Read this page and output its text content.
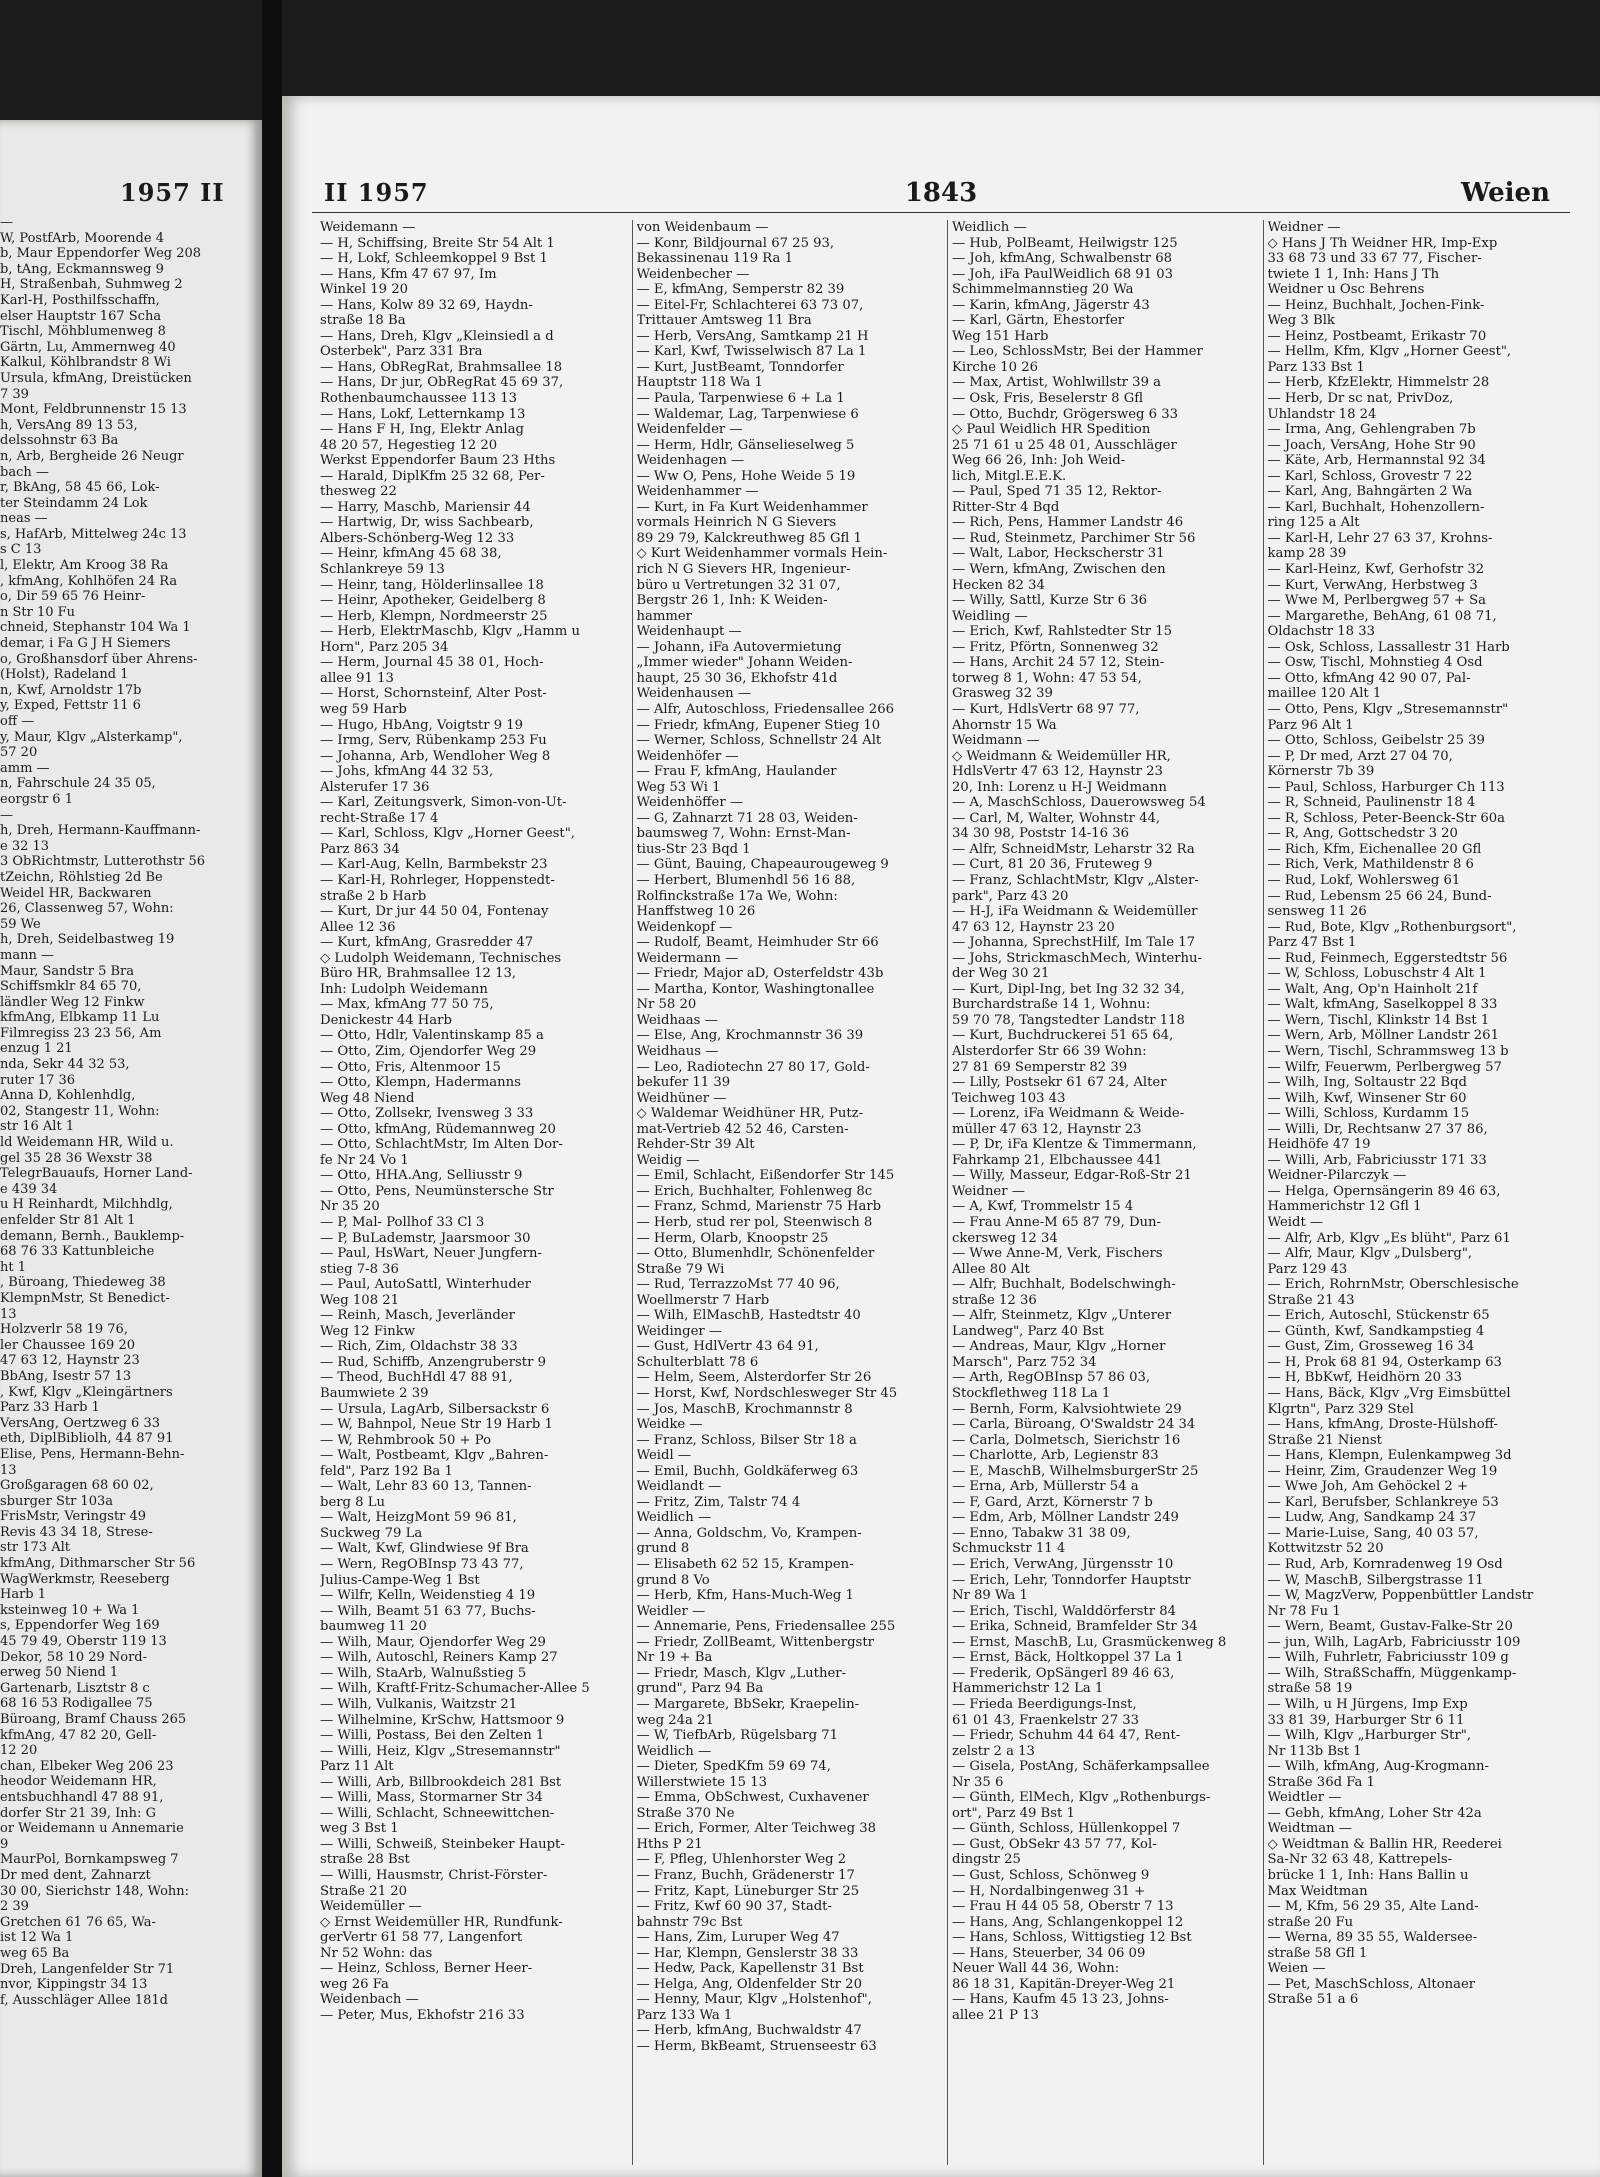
1957 II
—
W, PostfArb, Moorende 4
b, Maur Eppendorfer Weg 208
b, tAng, Eckmannsweg 9
H, Straßenbah, Suhmweg 2
Karl-H, Posthilfsschaffn,
elser Hauptstr 167 Scha
Tischl, Möhblumenweg 8
Gärtn, Lu, Ammernweg 40
Kalkul, Köhlbrandstr 8 Wi
Ursula, kfmAng, Dreistücken
7 39
Mont, Feldbrunnenstr 15 13
h, VersAng 89 13 53,
delssohnstr 63 Ba
n, Arb, Bergheide 26 Neugr
bach —
r, BkAng, 58 45 66, Lok-
ter Steindamm 24 Lok
neas —
s, HafArb, Mittelweg 24c 13
s C 13
l, Elektr, Am Kroog 38 Ra
, kfmAng, Kohlhöfen 24 Ra
o, Dir 59 65 76 Heinr-
n Str 10 Fu
chneid, Stephanstr 104 Wa 1
demar, i Fa G J H Siemers
o, Großhansdorf über Ahrens-
(Holst), Radeland 1
n, Kwf, Arnoldstr 17b
y, Exped, Fettstr 11 6
off —
y, Maur, Klgv „Alsterkamp",
57 20
amm —
n, Fahrschule 24 35 05,
eorgstr 6 1
—
h, Dreh, Hermann-Kauffmann-
e 32 13
3 ObRichtmstr, Lutterothstr 56
tZeichn, Röhlstieg 2d Be
Weidel HR, Backwaren
26, Classenweg 57, Wohn:
59 We
h, Dreh, Seidelbastweg 19
mann —
Maur, Sandstr 5 Bra
Schiffsmklr 84 65 70,
ländler Weg 12 Finkw
kfmAng, Elbkamp 11 Lu
Filmregiss 23 23 56, Am
enzug 1 21
nda, Sekr 44 32 53,
ruter 17 36
Anna D, Kohlenhdlg,
02, Stangestr 11, Wohn:
str 16 Alt 1
ld Weidemann HR, Wild u.
gel 35 28 36 Wexstr 38
TelegrBauaufs, Horner Land-
e 439 34
u H Reinhardt, Milchhdlg,
enfelder Str 81 Alt 1
demann, Bernh., Bauklemp-
68 76 33 Kattunbleiche
ht 1
, Büroang, Thiedeweg 38
KlempnMstr, St Benedict-
13
Holzverlr 58 19 76,
ler Chaussee 169 20
47 63 12, Haynstr 23
BbAng, Isestr 57 13
, Kwf, Klgv „Kleingärtners
Parz 33 Harb 1
VersAng, Oertzweg 6 33
eth, DiplBibliolh, 44 87 91
Elise, Pens, Hermann-Behn-
13
Großgaragen 68 60 02,
sburger Str 103a
FrisMstr, Veringstr 49
Revis 43 34 18, Strese-
str 173 Alt
kfmAng, Dithmarscher Str 56
WagWerkmstr, Reeseberg
Harb 1
ksteinweg 10 + Wa 1
s, Eppendorfer Weg 169
45 79 49, Oberstr 119 13
Dekor, 58 10 29 Nord-
erweg 50 Niend 1
Gartenarb, Lisztstr 8 c
68 16 53 Rodigallee 75
Büroang, Bramf Chauss 265
kfmAng, 47 82 20, Gell-
12 20
chan, Elbeker Weg 206 23
heodor Weidemann HR,
entsbuchhandl 47 88 91,
dorfer Str 21 39, Inh: G
or Weidemann u Annemarie
9
MaurPol, Bornkampsweg 7
Dr med dent, Zahnarzt
30 00, Sierichstr 148, Wohn:
2 39
Gretchen 61 76 65, Wa-
ist 12 Wa 1
weg 65 Ba
Dreh, Langenfelder Str 71
nvor, Kippingstr 34 13
f, Ausschläger Allee 181d
II 1957	1843	Weien
Weidemann —
— H, Schiffsing, Breite Str 54 Alt 1
— H, Lokf, Schleemkoppel 9 Bst 1
— Hans, Kfm 47 67 97, Im
Winkel 19 20
— Hans, Kolw 89 32 69, Haydn-
straße 18 Ba
— Hans, Dreh, Klgv „Kleinsiedl a d
Osterbek", Parz 331 Bra
— Hans, ObRegRat, Brahmsallee 18
— Hans, Dr jur, ObRegRat 45 69 37,
Rothenbaumchaussee 113 13
— Hans, Lokf, Letternkamp 13
— Hans F H, Ing, Elektr Anlag
48 20 57, Hegestieg 12 20
Werkst Eppendorfer Baum 23 Hths
— Harald, DiplKfm 25 32 68, Per-
thesweg 22
— Harry, Maschb, Mariensir 44
— Hartwig, Dr, wiss Sachbearb,
Albers-Schönberg-Weg 12 33
— Heinr, kfmAng 45 68 38,
Schlankreye 59 13
— Heinr, tang, Hölderlinsallee 18
— Heinr, Apotheker, Geidelberg 8
— Herb, Klempn, Nordmeerstr 25
— Herb, ElektrMaschb, Klgv „Hamm u
Horn", Parz 205 34
— Herm, Journal 45 38 01, Hoch-
allee 91 13
— Horst, Schornsteinf, Alter Post-
weg 59 Harb
— Hugo, HbAng, Voigtstr 9 19
— Irmg, Serv, Rübenkamp 253 Fu
— Johanna, Arb, Wendloher Weg 8
— Johs, kfmAng 44 32 53,
Alsterufer 17 36
— Karl, Zeitungsverk, Simon-von-Ut-
recht-Straße 17 4
— Karl, Schloss, Klgv „Horner Geest",
Parz 863 34
— Karl-Aug, Kelln, Barmbekstr 23
— Karl-H, Rohrleger, Hoppenstedt-
straße 2 b Harb
— Kurt, Dr jur 44 50 04, Fontenay
Allee 12 36
— Kurt, kfmAng, Grasredder 47
◇ Ludolph Weidemann, Technisches
Büro HR, Brahmsallee 12 13,
Inh: Ludolph Weidemann
— Max, kfmAng 77 50 75,
Denickestr 44 Harb
— Otto, Hdlr, Valentinskamp 85 a
— Otto, Zim, Ojendorfer Weg 29
— Otto, Fris, Altenmoor 15
— Otto, Klempn, Hadermanns
Weg 48 Niend
— Otto, Zollsekr, Ivensweg 3 33
— Otto, kfmAng, Rüdemannweg 20
— Otto, SchlachtMstr, Im Alten Dor-
fe Nr 24 Vo 1
— Otto, HHA.Ang, Selliusstr 9
— Otto, Pens, Neumünstersche Str
Nr 35 20
— P, Mal- Pollhof 33 Cl 3
— P, BuLademstr, Jaarsmoor 30
— Paul, HsWart, Neuer Jungfern-
stieg 7-8 36
— Paul, AutoSattl, Winterhuder
Weg 108 21
— Reinh, Masch, Jeverländer
Weg 12 Finkw
— Rich, Zim, Oldachstr 38 33
— Rud, Schiffb, Anzengruberstr 9
— Theod, BuchHdl 47 88 91,
Baumwiete 2 39
— Ursula, LagArb, Silbersackstr 6
— W, Bahnpol, Neue Str 19 Harb 1
— W, Rehmbrook 50 + Po
— Walt, Postbeamt, Klgv „Bahren-
feld", Parz 192 Ba 1
— Walt, Lehr 83 60 13, Tannen-
berg 8 Lu
— Walt, HeizgMont 59 96 81,
Suckweg 79 La
— Walt, Kwf, Glindwiese 9f Bra
— Wern, RegOBInsp 73 43 77,
Julius-Campe-Weg 1 Bst
— Wilfr, Kelln, Weidenstieg 4 19
— Wilh, Beamt 51 63 77, Buchs-
baumweg 11 20
— Wilh, Maur, Ojendorfer Weg 29
— Wilh, Autoschl, Reiners Kamp 27
— Wilh, StaArb, Walnußstieg 5
— Wilh, Kraftf-Fritz-Schumacher-Allee 5
— Wilh, Vulkanis, Waitzstr 21
— Wilhelmine, KrSchw, Hattsmoor 9
— Willi, Postass, Bei den Zelten 1
— Willi, Heiz, Klgv „Stresemannstr"
Parz 11 Alt
— Willi, Arb, Billbrookdeich 281 Bst
— Willi, Mass, Stormarner Str 34
— Willi, Schlacht, Schneewittchen-
weg 3 Bst 1
— Willi, Schweiß, Steinbeker Haupt-
straße 28 Bst
— Willi, Hausmstr, Christ-Förster-
Straße 21 20
Weidemüller —
◇ Ernst Weidemüller HR, Rundfunk-
gerVertr 61 58 77, Langenfort
Nr 52 Wohn: das
— Heinz, Schloss, Berner Heer-
weg 26 Fa
Weidenbach —
— Peter, Mus, Ekhofstr 216 33
von Weidenbaum —
— Konr, Bildjournal 67 25 93,
Bekassinenau 119 Ra 1
Weidenbecher —
— E, kfmAng, Semperstr 82 39
— Eitel-Fr, Schlachterei 63 73 07,
Trittauer Amtsweg 11 Bra
— Herb, VersAng, Samtkamp 21 H
— Karl, Kwf, Twisselwisch 87 La 1
— Kurt, JustBeamt, Tonndorfer
Hauptstr 118 Wa 1
— Paula, Tarpenwiese 6 + La 1
— Waldemar, Lag, Tarpenwiese 6
Weidenfelder —
— Herm, Hdlr, Gänselieselweg 5
Weidenhagen —
— Ww O, Pens, Hohe Weide 5 19
Weidenhammer —
— Kurt, in Fa Kurt Weidenhammer
vormals Heinrich N G Sievers
89 29 79, Kalckreuthweg 85 Gfl 1
◇ Kurt Weidenhammer vormals Hein-
rich N G Sievers HR, Ingenieur-
büro u Vertretungen 32 31 07,
Bergstr 26 1, Inh: K Weiden-
hammer
Weidenhaupt —
— Johann, iFa Autovermietung
„Immer wieder" Johann Weiden-
haupt, 25 30 36, Ekhofstr 41d
Weidenhausen —
— Alfr, Autoschloss, Friedensallee 266
— Friedr, kfmAng, Eupener Stieg 10
— Werner, Schloss, Schnellstr 24 Alt
Weidenhöfer —
— Frau F, kfmAng, Haulander
Weg 53 Wi 1
Weidenhöffer —
— G, Zahnarzt 71 28 03, Weiden-
baumsweg 7, Wohn: Ernst-Man-
tius-Str 23 Bqd 1
— Günt, Bauing, Chapeaurougeweg 9
— Herbert, Blumenhdl 56 16 88,
Rolfinckstraße 17a We, Wohn:
Hanffstweg 10 26
Weidenkopf —
— Rudolf, Beamt, Heimhuder Str 66
Weidermann —
— Friedr, Major aD, Osterfeldstr 43b
— Martha, Kontor, Washingtonallee
Nr 58 20
Weidhaas —
— Else, Ang, Krochmannstr 36 39
Weidhaus —
— Leo, Radiotechn 27 80 17, Gold-
bekufer 11 39
Weidhüner —
◇ Waldemar Weidhüner HR, Putz-
mat-Vertrieb 42 52 46, Carsten-
Rehder-Str 39 Alt
Weidig —
— Emil, Schlacht, Eißendorfer Str 145
— Erich, Buchhalter, Fohlenweg 8c
— Franz, Schmd, Marienstr 75 Harb
— Herb, stud rer pol, Steenwisch 8
— Herm, Olarb, Knoopstr 25
— Otto, Blumenhdlr, Schönenfelder
Straße 79 Wi
— Rud, TerrazzoMst 77 40 96,
Woellmerstr 7 Harb
— Wilh, ElMaschB, Hastedtstr 40
Weidinger —
— Gust, HdlVertr 43 64 91,
Schulterblatt 78 6
— Helm, Seem, Alsterdorfer Str 26
— Horst, Kwf, Nordschlesweger Str 45
— Jos, MaschB, Krochmannstr 8
Weidke —
— Franz, Schloss, Bilser Str 18 a
Weidl —
— Emil, Buchh, Goldkäferweg 63
Weidlandt —
— Fritz, Zim, Talstr 74 4
Weidlich —
— Anna, Goldschm, Vo, Krampen-
grund 8
— Elisabeth 62 52 15, Krampen-
grund 8 Vo
— Herb, Kfm, Hans-Much-Weg 1
Weidler —
— Annemarie, Pens, Friedensallee 255
— Friedr, ZollBeamt, Wittenbergstr
Nr 19 + Ba
— Friedr, Masch, Klgv „Luther-
grund", Parz 94 Ba
— Margarete, BbSekr, Kraepelin-
weg 24a 21
— W, TiefbArb, Rügelsbarg 71
Weidlich —
— Dieter, SpedKfm 59 69 74,
Willerstwiete 15 13
— Emma, ObSchwest, Cuxhavener
Straße 370 Ne
— Erich, Former, Alter Teichweg 38
Hths P 21
— F, Pfleg, Uhlenhorster Weg 2
— Franz, Buchh, Grädenerstr 17
— Fritz, Kapt, Lüneburger Str 25
— Fritz, Kwf 60 90 37, Stadt-
bahnstr 79c Bst
— Hans, Zim, Luruper Weg 47
— Har, Klempn, Genslerstr 38 33
— Hedw, Pack, Kapellenstr 31 Bst
— Helga, Ang, Oldenfelder Str 20
— Henny, Maur, Klgv „Holstenhof",
Parz 133 Wa 1
— Herb, kfmAng, Buchwaldstr 47
— Herm, BkBeamt, Struenseestr 63
Weidlich —
— Hub, PolBeamt, Heilwigstr 125
— Joh, kfmAng, Schwalbenstr 68
— Joh, iFa PaulWeidlich 68 91 03
Schimmelmannstieg 20 Wa
— Karin, kfmAng, Jägerstr 43
— Karl, Gärtn, Ehestorfer
Weg 151 Harb
— Leo, SchlossMstr, Bei der Hammer
Kirche 10 26
— Max, Artist, Wohlwillstr 39 a
— Osk, Fris, Beselerstr 8 Gfl
— Otto, Buchdr, Grögersweg 6 33
◇ Paul Weidlich HR Spedition
25 71 61 u 25 48 01, Ausschläger
Weg 66 26, Inh: Joh Weid-
lich, Mitgl.E.E.K.
— Paul, Sped 71 35 12, Rektor-
Ritter-Str 4 Bqd
— Rich, Pens, Hammer Landstr 46
— Rud, Steinmetz, Parchimer Str 56
— Walt, Labor, Heckscherstr 31
— Wern, kfmAng, Zwischen den
Hecken 82 34
— Willy, Sattl, Kurze Str 6 36
Weidling —
— Erich, Kwf, Rahlstedter Str 15
— Fritz, Pförtn, Sonnenweg 32
— Hans, Archit 24 57 12, Stein-
torweg 8 1, Wohn: 47 53 54,
Grasweg 32 39
— Kurt, HdlsVertr 68 97 77,
Ahornstr 15 Wa
Weidmann —
◇ Weidmann & Weidemüller HR,
HdlsVertr 47 63 12, Haynstr 23
20, Inh: Lorenz u H-J Weidmann
— A, MaschSchloss, Dauerowsweg 54
— Carl, M, Walter, Wohnstr 44,
34 30 98, Poststr 14-16 36
— Alfr, SchneidMstr, Leharstr 32 Ra
— Curt, 81 20 36, Fruteweg 9
— Franz, SchlachtMstr, Klgv „Alster-
park", Parz 43 20
— H-J, iFa Weidmann & Weidemüller
47 63 12, Haynstr 23 20
— Johanna, SprechstHilf, Im Tale 17
— Johs, StrickmaschMech, Winterhu-
der Weg 30 21
— Kurt, Dipl-Ing, bet Ing 32 32 34,
Burchardstraße 14 1, Wohnu:
59 70 78, Tangstedter Landstr 118
— Kurt, Buchdruckerei 51 65 64,
Alsterdorfer Str 66 39 Wohn:
27 81 69 Semperstr 82 39
— Lilly, Postsekr 61 67 24, Alter
Teichweg 103 43
— Lorenz, iFa Weidmann & Weide-
müller 47 63 12, Haynstr 23
— P, Dr, iFa Klentze & Timmermann,
Fahrkamp 21, Elbchaussee 441
— Willy, Masseur, Edgar-Roß-Str 21
Weidner —
— A, Kwf, Trommelstr 15 4
— Frau Anne-M 65 87 79, Dun-
ckersweg 12 34
— Wwe Anne-M, Verk, Fischers
Allee 80 Alt
— Alfr, Buchhalt, Bodelschwingh-
straße 12 36
— Alfr, Steinmetz, Klgv „Unterer
Landweg", Parz 40 Bst
— Andreas, Maur, Klgv „Horner
Marsch", Parz 752 34
— Arth, RegOBInsp 57 86 03,
Stockflethweg 118 La 1
— Bernh, Form, Kalvsiohtwiete 29
— Carla, Büroang, O'Swaldstr 24 34
— Carla, Dolmetsch, Sierichstr 16
— Charlotte, Arb, Legienstr 83
— E, MaschB, WilhelmsburgerStr 25
— Erna, Arb, Müllerstr 54 a
— F, Gard, Arzt, Körnerstr 7 b
— Edm, Arb, Möllner Landstr 249
— Enno, Tabakw 31 38 09,
Schmuckstr 11 4
— Erich, VerwAng, Jürgensstr 10
— Erich, Lehr, Tonndorfer Hauptstr
Nr 89 Wa 1
— Erich, Tischl, Walddörferstr 84
— Erika, Schneid, Bramfelder Str 34
— Ernst, MaschB, Lu, Grasmückenweg 8
— Ernst, Bäck, Holtkoppel 37 La 1
— Frederik, OpSängerl 89 46 63,
Hammerichstr 12 La 1
— Frieda Beerdigungs-Inst,
61 01 43, Fraenkelstr 27 33
— Friedr, Schuhm 44 64 47, Rent-
zelstr 2 a 13
— Gisela, PostAng, Schäferkampsallee
Nr 35 6
— Günth, ElMech, Klgv „Rothenburgs-
ort", Parz 49 Bst 1
— Günth, Schloss, Hüllenkoppel 7
— Gust, ObSekr 43 57 77, Kol-
dingstr 25
— Gust, Schloss, Schönweg 9
— H, Nordalbingenweg 31 +
— Frau H 44 05 58, Oberstr 7 13
— Hans, Ang, Schlangenkoppel 12
— Hans, Schloss, Wittigstieg 12 Bst
— Hans, Steuerber, 34 06 09
Neuer Wall 44 36, Wohn:
86 18 31, Kapitän-Dreyer-Weg 21
— Hans, Kaufm 45 13 23, Johns-
allee 21 P 13
Weidner —
◇ Hans J Th Weidner HR, Imp-Exp
33 68 73 und 33 67 77, Fischer-
twiete 1 1, Inh: Hans J Th
Weidner u Osc Behrens
— Heinz, Buchhalt, Jochen-Fink-
Weg 3 Blk
— Heinz, Postbeamt, Erikastr 70
— Hellm, Kfm, Klgv „Horner Geest",
Parz 133 Bst 1
— Herb, KfzElektr, Himmelstr 28
— Herb, Dr sc nat, PrivDoz,
Uhlandstr 18 24
— Irma, Ang, Gehlengraben 7b
— Joach, VersAng, Hohe Str 90
— Käte, Arb, Hermannstal 92 34
— Karl, Schloss, Grovestr 7 22
— Karl, Ang, Bahngärten 2 Wa
— Karl, Buchhalt, Hohenzollern-
ring 125 a Alt
— Karl-H, Lehr 27 63 37, Krohns-
kamp 28 39
— Karl-Heinz, Kwf, Gerhofstr 32
— Kurt, VerwAng, Herbstweg 3
— Wwe M, Perlbergweg 57 + Sa
— Margarethe, BehAng, 61 08 71,
Oldachstr 18 33
— Osk, Schloss, Lassallestr 31 Harb
— Osw, Tischl, Mohnstieg 4 Osd
— Otto, kfmAng 42 90 07, Pal-
maillee 120 Alt 1
— Otto, Pens, Klgv „Stresemannstr"
Parz 96 Alt 1
— Otto, Schloss, Geibelstr 25 39
— P, Dr med, Arzt 27 04 70,
Körnerstr 7b 39
— Paul, Schloss, Harburger Ch 113
— R, Schneid, Paulinenstr 18 4
— R, Schloss, Peter-Beenck-Str 60a
— R, Ang, Gottschedstr 3 20
— Rich, Kfm, Eichenallee 20 Gfl
— Rich, Verk, Mathildenstr 8 6
— Rud, Lokf, Wohlersweg 61
— Rud, Lebensm 25 66 24, Bund-
sensweg 11 26
— Rud, Bote, Klgv „Rothenburgsort",
Parz 47 Bst 1
— Rud, Feinmech, Eggerstedtstr 56
— W, Schloss, Lobuschstr 4 Alt 1
— Walt, Ang, Op'n Hainholt 21f
— Walt, kfmAng, Saselkoppel 8 33
— Wern, Tischl, Klinkstr 14 Bst 1
— Wern, Arb, Möllner Landstr 261
— Wern, Tischl, Schrammsweg 13 b
— Wilfr, Feuerwm, Perlbergweg 57
— Wilh, Ing, Soltaustr 22 Bqd
— Wilh, Kwf, Winsener Str 60
— Willi, Schloss, Kurdamm 15
— Willi, Dr, Rechtsanw 27 37 86,
Heidhöfe 47 19
— Willi, Arb, Fabriciusstr 171 33
Weidner-Pilarczyk —
— Helga, Opernsängerin 89 46 63,
Hammerichstr 12 Gfl 1
Weidt —
— Alfr, Arb, Klgv „Es blüht", Parz 61
— Alfr, Maur, Klgv „Dulsberg",
Parz 129 43
— Erich, RohrnMstr, Oberschlesische
Straße 21 43
— Erich, Autoschl, Stückenstr 65
— Günth, Kwf, Sandkampstieg 4
— Gust, Zim, Grosseweg 16 34
— H, Prok 68 81 94, Osterkamp 63
— H, BbKwf, Heidhörn 20 33
— Hans, Bäck, Klgv „Vrg Eimsbüttel
Klgrtn", Parz 329 Stel
— Hans, kfmAng, Droste-Hülshoff-
Straße 21 Nienst
— Hans, Klempn, Eulenkampweg 3d
— Heinr, Zim, Graudenzer Weg 19
— Wwe Joh, Am Gehöckel 2 +
— Karl, Berufsber, Schlankreye 53
— Ludw, Ang, Sandkamp 24 37
— Marie-Luise, Sang, 40 03 57,
Kottwitzstr 52 20
— Rud, Arb, Kornradenweg 19 Osd
— W, MaschB, Silbergstrasse 11
— W, MagzVerw, Poppenbüttler Landstr
Nr 78 Fu 1
— Wern, Beamt, Gustav-Falke-Str 20
— jun, Wilh, LagArb, Fabriciusstr 109
— Wilh, Fuhrletr, Fabriciusstr 109 g
— Wilh, StraßSchaffn, Müggenkamp-
straße 58 19
— Wilh, u H Jürgens, Imp Exp
33 81 39, Harburger Str 6 11
— Wilh, Klgv „Harburger Str",
Nr 113b Bst 1
— Wilh, kfmAng, Aug-Krogmann-
Straße 36d Fa 1
Weidtler —
— Gebh, kfmAng, Loher Str 42a
Weidtman —
◇ Weidtman & Ballin HR, Reederei
Sa-Nr 32 63 48, Kattrepels-
brücke 1 1, Inh: Hans Ballin u
Max Weidtman
— M, Kfm, 56 29 35, Alte Land-
straße 20 Fu
— Werna, 89 35 55, Waldersee-
straße 58 Gfl 1
Weien —
— Pet, MaschSchloss, Altonaer
Straße 51 a 6
